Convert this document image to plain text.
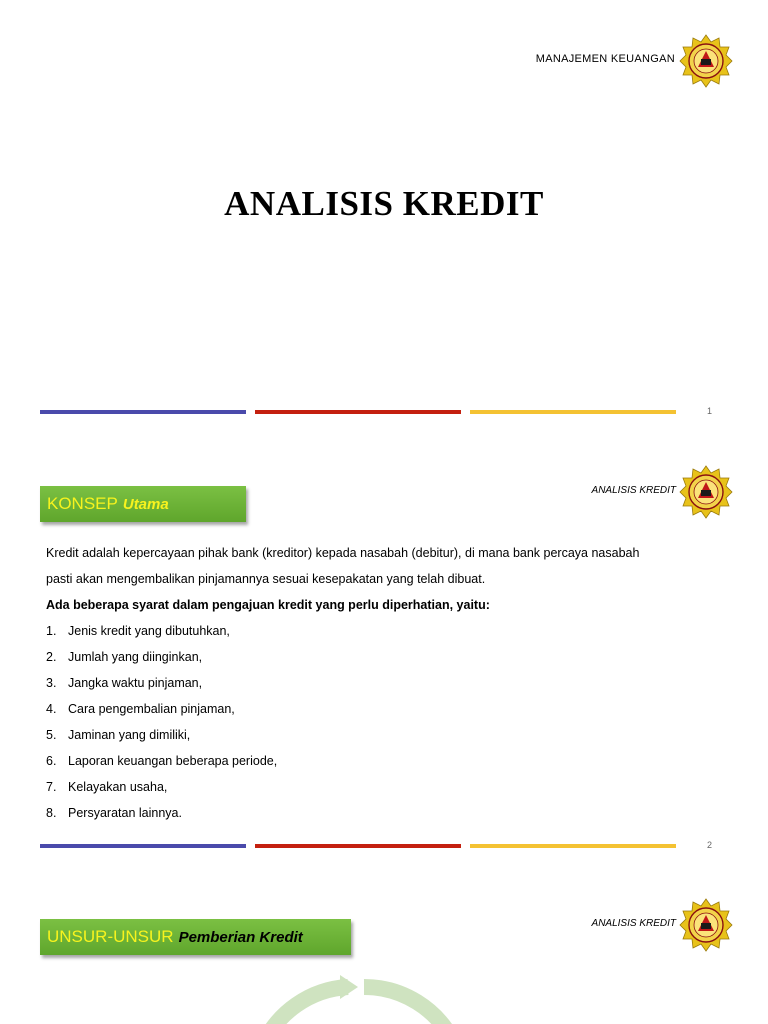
MANAJEMEN KEUANGAN
ANALISIS KREDIT
1
ANALISIS KREDIT
KONSEP Utama

Kredit adalah kepercayaan pihak bank (kreditor) kepada nasabah (debitur), di mana bank percaya nasabah

pasti akan mengembalikan pinjamannya sesuai kesepakatan yang telah dibuat.

Ada beberapa syarat dalam pengajuan kredit yang perlu diperhatian, yaitu:

1. Jenis kredit yang dibutuhkan,
2. Jumlah yang diinginkan,
3. Jangka waktu pinjaman,
4. Cara pengembalian pinjaman,
5. Jaminan yang dimiliki,
6. Laporan keuangan beberapa periode,
7. Kelayakan usaha,
8. Persyaratan lainnya.
2
ANALISIS KREDIT
UNSUR-UNSUR Pemberian Kredit
